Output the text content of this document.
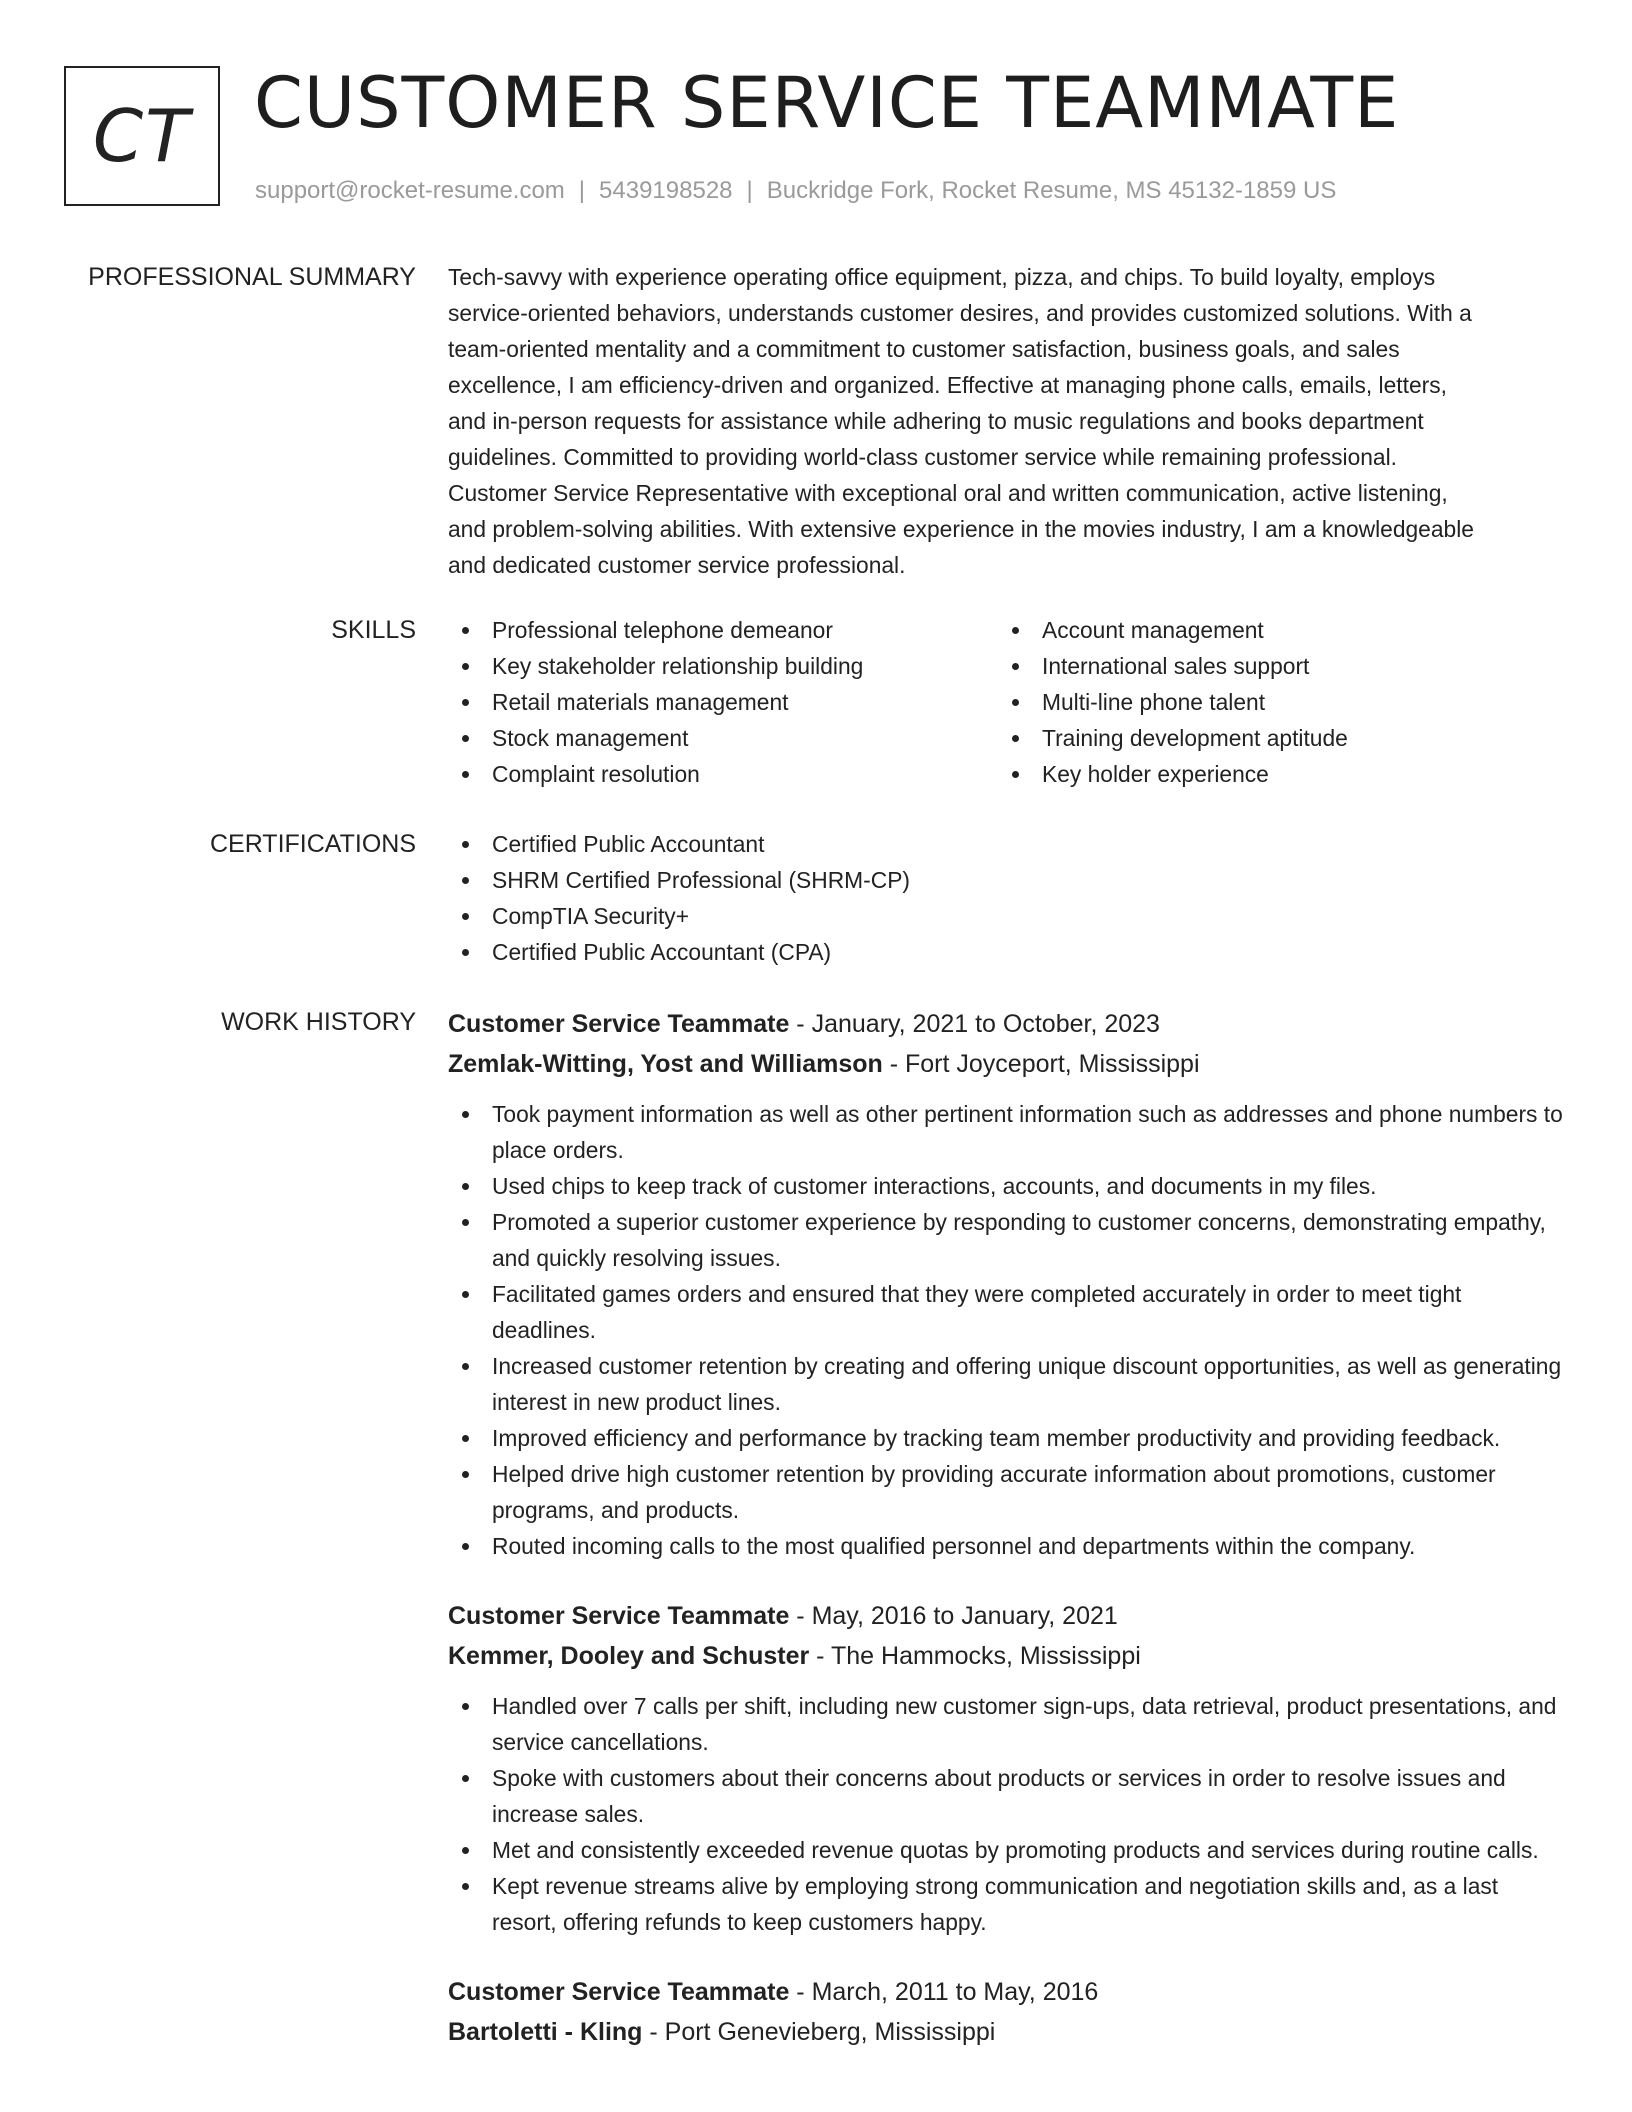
CT CUSTOMER SERVICE TEAMMATE
support@rocket-resume.com | 5439198528 | Buckridge Fork, Rocket Resume, MS 45132-1859 US
PROFESSIONAL SUMMARY Tech-savvy with experience operating office equipment, pizza, and chips. To build loyalty, employs
service-oriented behaviors, understands customer desires, and provides customized solutions. With a
team-oriented mentality and a commitment to customer satisfaction, business goals, and sales
excellence, I am efficiency-driven and organized. Effective at managing phone calls, emails, letters,
and in-person requests for assistance while adhering to music regulations and books department
guidelines. Committed to providing world-class customer service while remaining professional.
Customer Service Representative with exceptional oral and written communication, active listening,
and problem-solving abilities. With extensive experience in the movies industry, I am a knowledgeable
and dedicated customer service professional.

SKILLS	Professional telephone demeanor
Key stakeholder relationship building
Retail materials management
Stock management
Complaint resolution
Account management
International sales support
Multi-line phone talent
Training development aptitude
Key holder experience
CERTIFICATIONS	Certified Public Accountant
SHRM Certified Professional (SHRM-CP)
CompTIA Security+
Certified Public Accountant (CPA)
WORK HISTORY Customer Service Teammate - January, 2021 to October, 2023
Zemlak-Witting, Yost and Williamson - Fort Joyceport, Mississippi
Took payment information as well as other pertinent information such as addresses and phone numbers to place orders.
Used chips to keep track of customer interactions, accounts, and documents in my files.
Promoted a superior customer experience by responding to customer concerns, demonstrating empathy, and quickly resolving issues.
Facilitated games orders and ensured that they were completed accurately in order to meet tight deadlines.
Increased customer retention by creating and offering unique discount opportunities, as well as generating interest in new product lines.
Improved efficiency and performance by tracking team member productivity and providing feedback.
Helped drive high customer retention by providing accurate information about promotions, customer programs, and products.
Routed incoming calls to the most qualified personnel and departments within the company.
Customer Service Teammate - May, 2016 to January, 2021
Kemmer, Dooley and Schuster - The Hammocks, Mississippi
Handled over 7 calls per shift, including new customer sign-ups, data retrieval, product presentations, and service cancellations.
Spoke with customers about their concerns about products or services in order to resolve issues and increase sales.
Met and consistently exceeded revenue quotas by promoting products and services during routine calls.
Kept revenue streams alive by employing strong communication and negotiation skills and, as a last resort, offering refunds to keep customers happy.
Customer Service Teammate - March, 2011 to May, 2016
Bartoletti - Kling - Port Genevieberg, Mississippi
